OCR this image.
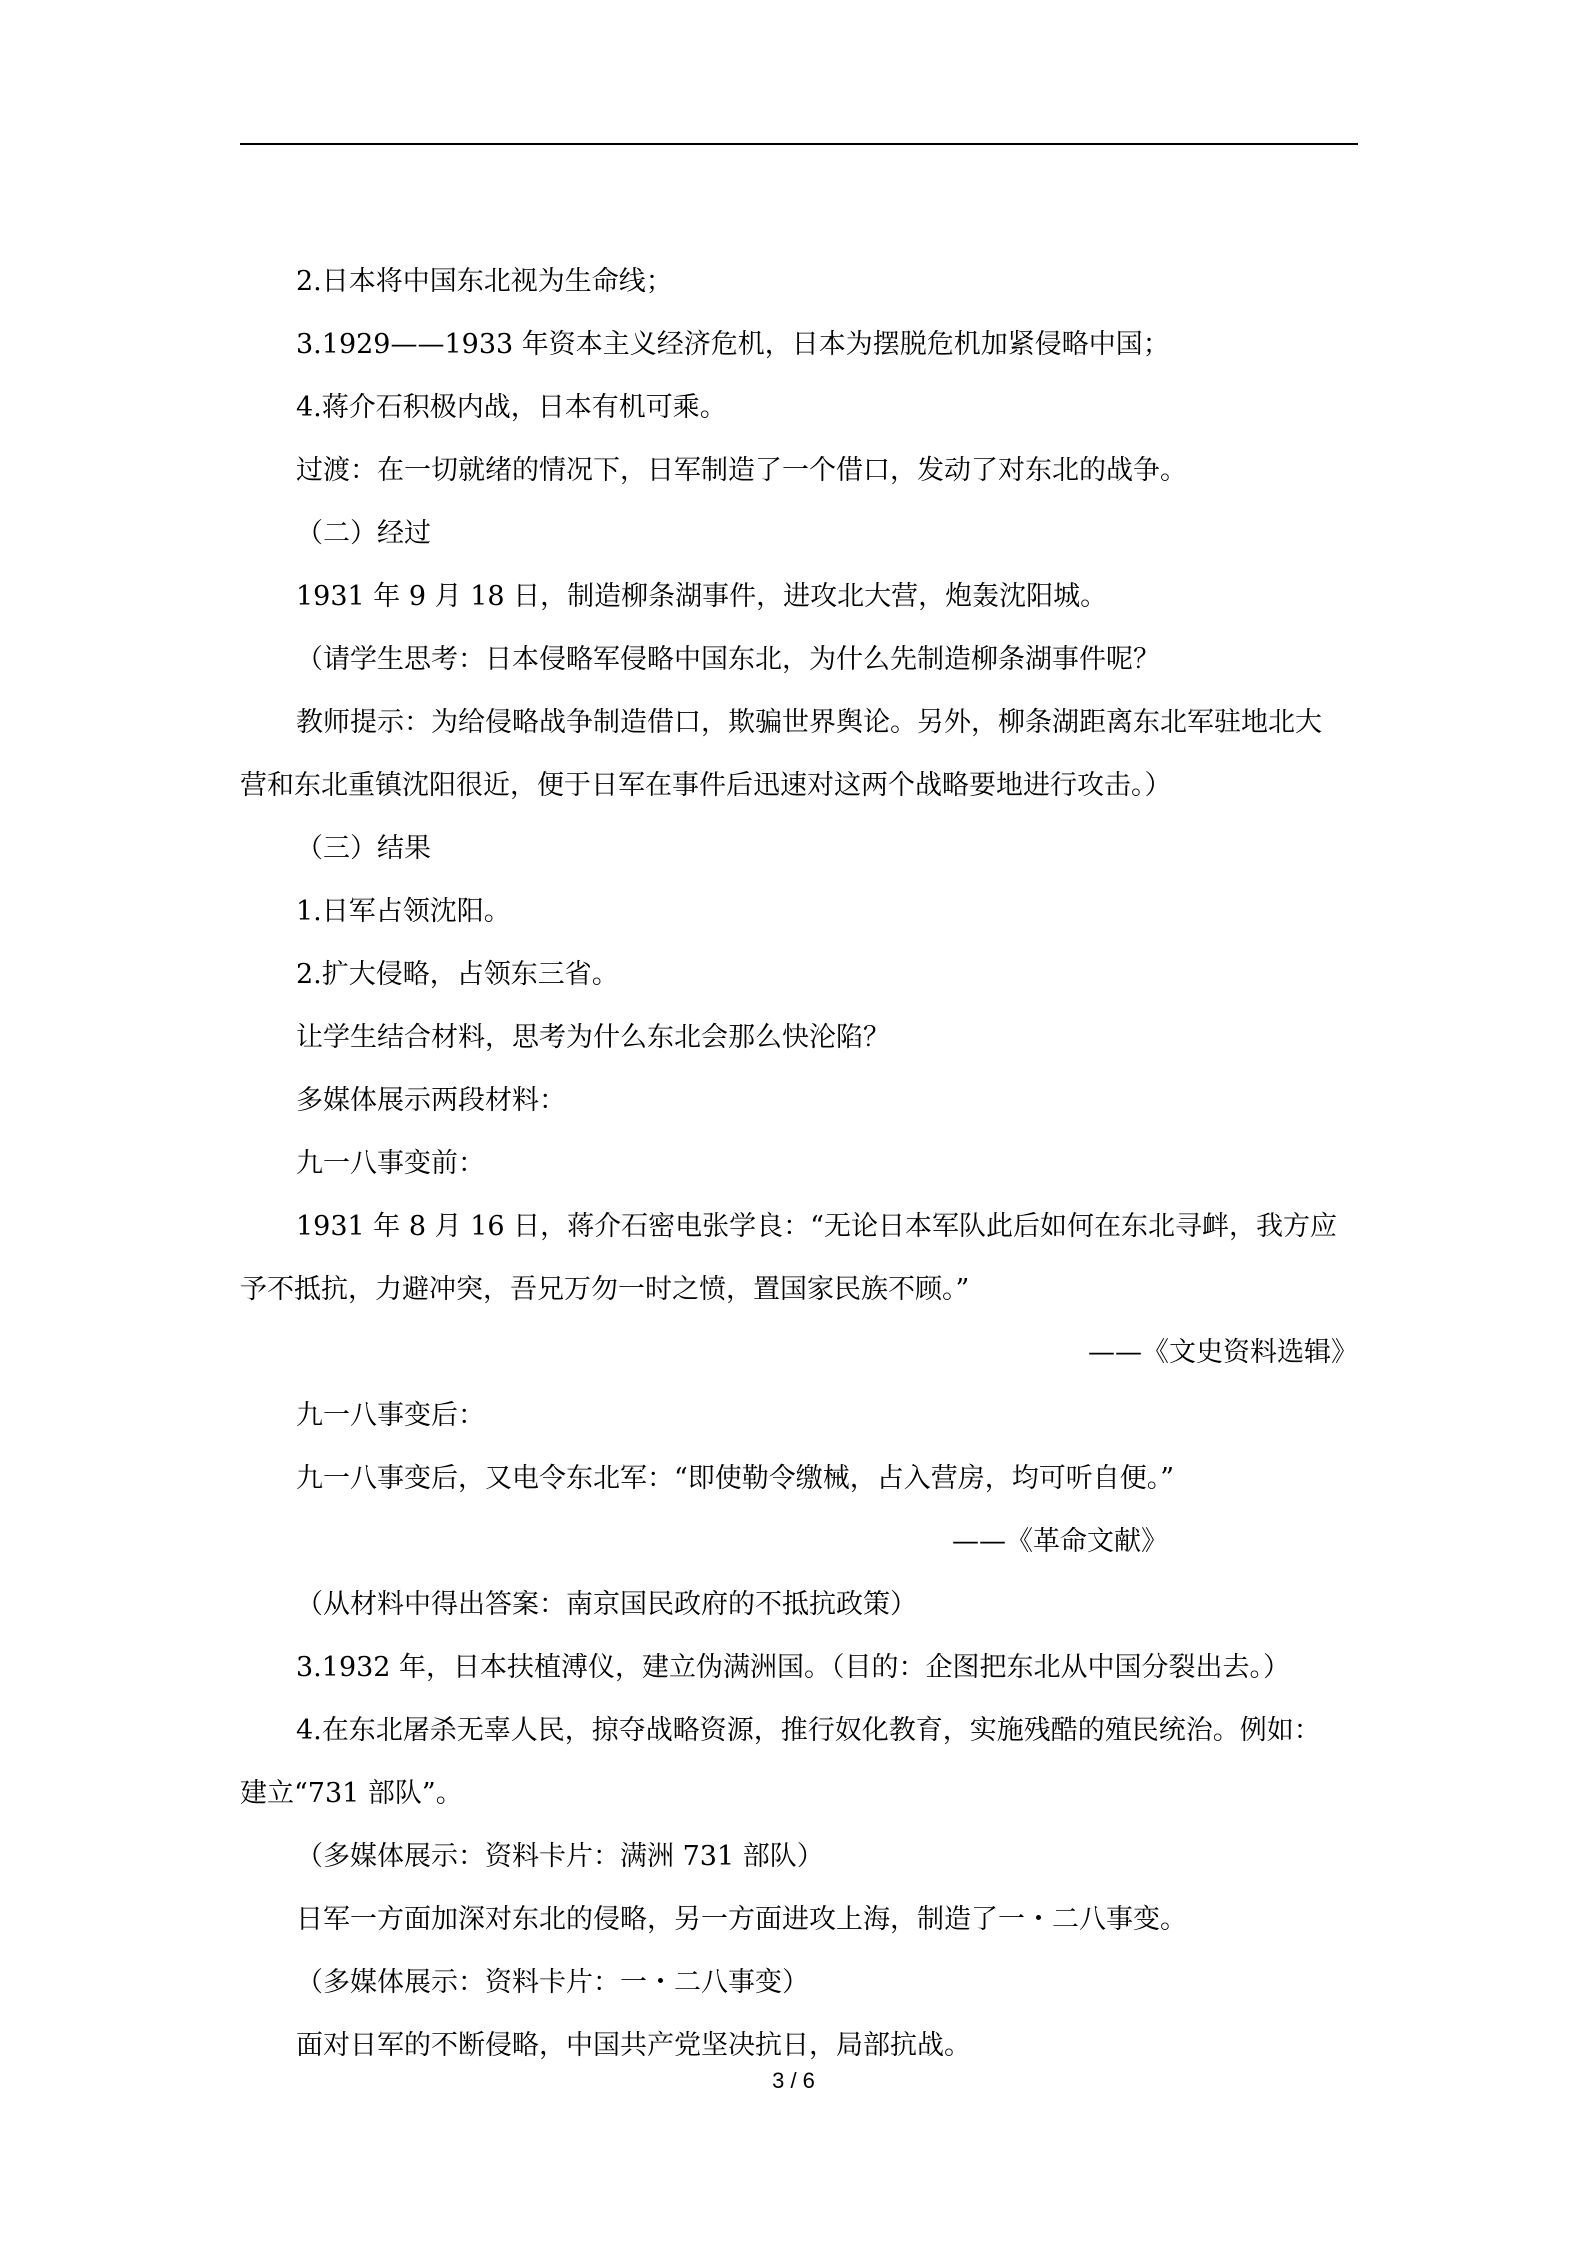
2.日本将中国东北视为生命线；
3.1929——1933 年资本主义经济危机，日本为摆脱危机加紧侵略中国；
4.蒋介石积极内战，日本有机可乘。
过渡：在一切就绪的情况下，日军制造了一个借口，发动了对东北的战争。
（二）经过
1931 年 9 月 18 日，制造柳条湖事件，进攻北大营，炮轰沈阳城。
（请学生思考：日本侵略军侵略中国东北，为什么先制造柳条湖事件呢？
教师提示：为给侵略战争制造借口，欺骗世界舆论。另外，柳条湖距离东北军驻地北大
营和东北重镇沈阳很近，便于日军在事件后迅速对这两个战略要地进行攻击。）
（三）结果
1.日军占领沈阳。
2.扩大侵略，占领东三省。
让学生结合材料，思考为什么东北会那么快沦陷？
多媒体展示两段材料：
九一八事变前：
1931 年 8 月 16 日，蒋介石密电张学良：“无论日本军队此后如何在东北寻衅，我方应
予不抵抗，力避冲突，吾兄万勿一时之愤，置国家民族不顾。”
——《文史资料选辑》
九一八事变后：
九一八事变后，又电令东北军：“即使勒令缴械，占入营房，均可听自便。”
——《革命文献》
（从材料中得出答案：南京国民政府的不抵抗政策）
3.1932 年，日本扶植溥仪，建立伪满洲国。（目的：企图把东北从中国分裂出去。）
4.在东北屠杀无辜人民，掠夺战略资源，推行奴化教育，实施残酷的殖民统治。例如：
建立“731 部队”。
（多媒体展示：资料卡片：满洲 731 部队）
日军一方面加深对东北的侵略，另一方面进攻上海，制造了一・二八事变。
（多媒体展示：资料卡片：一・二八事变）
面对日军的不断侵略，中国共产党坚决抗日，局部抗战。
3 / 6
